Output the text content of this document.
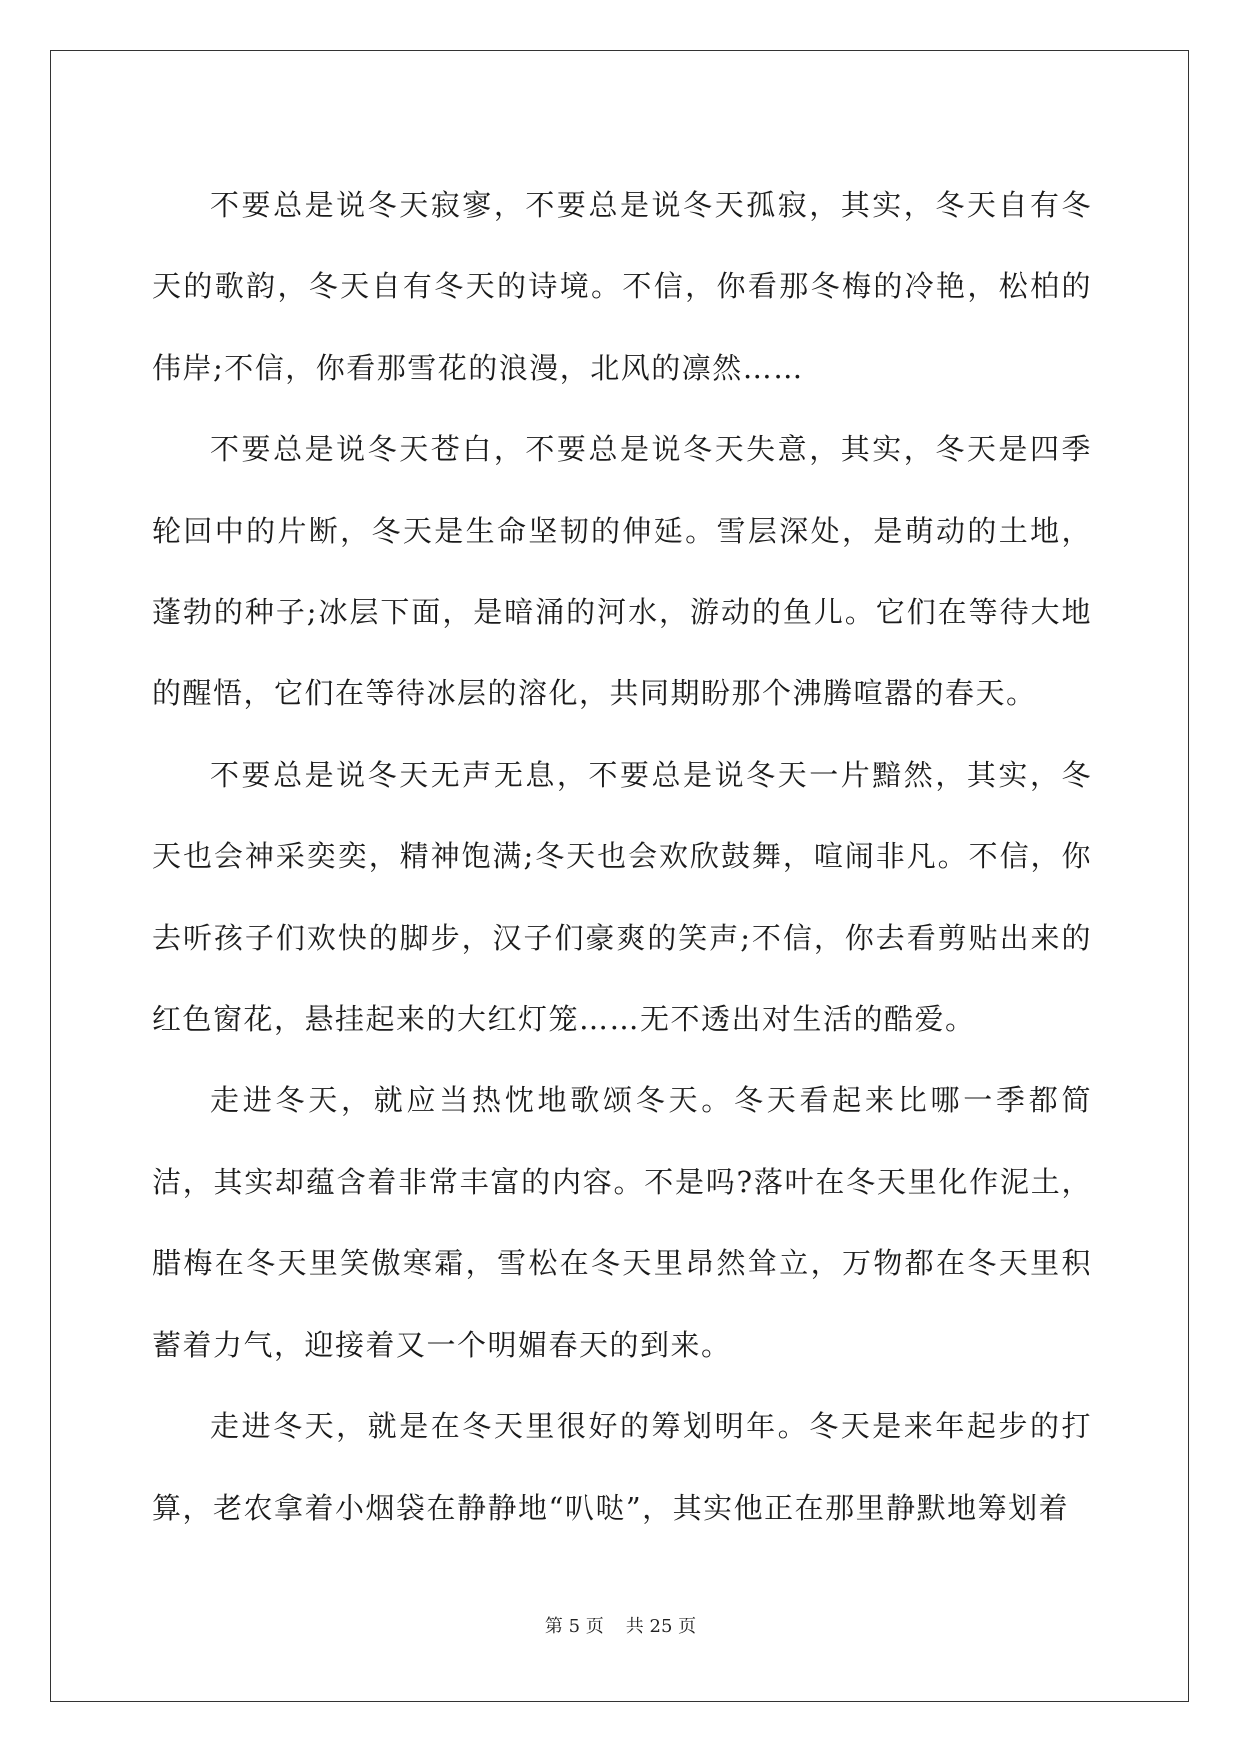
不要总是说冬天寂寥，不要总是说冬天孤寂，其实，冬天自有冬天的歌韵，冬天自有冬天的诗境。不信，你看那冬梅的冷艳，松柏的伟岸;不信，你看那雪花的浪漫，北风的凛然……

不要总是说冬天苍白，不要总是说冬天失意，其实，冬天是四季轮回中的片断，冬天是生命坚韧的伸延。雪层深处，是萌动的土地，蓬勃的种子;冰层下面，是暗涌的河水，游动的鱼儿。它们在等待大地的醒悟，它们在等待冰层的溶化，共同期盼那个沸腾喧嚣的春天。

不要总是说冬天无声无息，不要总是说冬天一片黯然，其实，冬天也会神采奕奕，精神饱满;冬天也会欢欣鼓舞，喧闹非凡。不信，你去听孩子们欢快的脚步，汉子们豪爽的笑声;不信，你去看剪贴出来的红色窗花，悬挂起来的大红灯笼……无不透出对生活的酷爱。

走进冬天，就应当热忱地歌颂冬天。冬天看起来比哪一季都简洁，其实却蕴含着非常丰富的内容。不是吗?落叶在冬天里化作泥土，腊梅在冬天里笑傲寒霜，雪松在冬天里昂然耸立，万物都在冬天里积蓄着力气，迎接着又一个明媚春天的到来。

走进冬天，就是在冬天里很好的筹划明年。冬天是来年起步的打算，老农拿着小烟袋在静静地“叭哒”，其实他正在那里静默地筹划着

第 5 页 共 25 页
